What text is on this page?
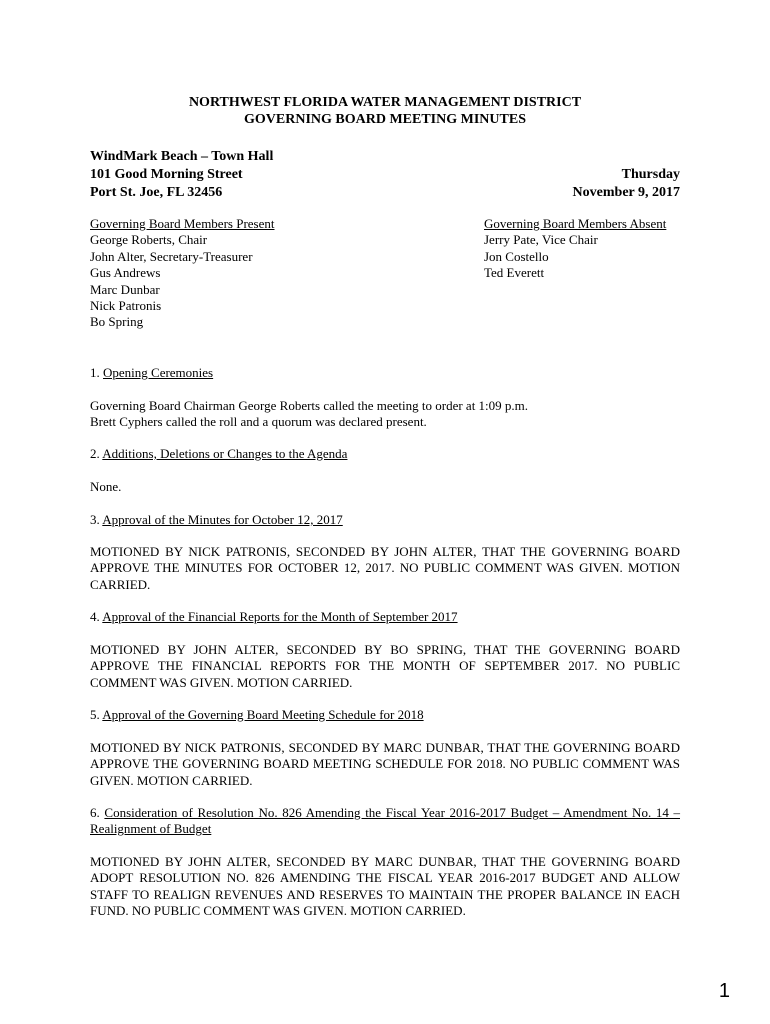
NORTHWEST FLORIDA WATER MANAGEMENT DISTRICT
GOVERNING BOARD MEETING MINUTES
WindMark Beach – Town Hall
101 Good Morning Street
Port St. Joe, FL 32456
Thursday
November 9, 2017
Governing Board Members Present
George Roberts, Chair
John Alter, Secretary-Treasurer
Gus Andrews
Marc Dunbar
Nick Patronis
Bo Spring
Governing Board Members Absent
Jerry Pate, Vice Chair
Jon Costello
Ted Everett
1. Opening Ceremonies
Governing Board Chairman George Roberts called the meeting to order at 1:09 p.m.
Brett Cyphers called the roll and a quorum was declared present.
2. Additions, Deletions or Changes to the Agenda
None.
3. Approval of the Minutes for October 12, 2017
MOTIONED BY NICK PATRONIS, SECONDED BY JOHN ALTER, THAT THE GOVERNING BOARD APPROVE THE MINUTES FOR OCTOBER 12, 2017. NO PUBLIC COMMENT WAS GIVEN. MOTION CARRIED.
4. Approval of the Financial Reports for the Month of September 2017
MOTIONED BY JOHN ALTER, SECONDED BY BO SPRING, THAT THE GOVERNING BOARD APPROVE THE FINANCIAL REPORTS FOR THE MONTH OF SEPTEMBER 2017. NO PUBLIC COMMENT WAS GIVEN. MOTION CARRIED.
5. Approval of the Governing Board Meeting Schedule for 2018
MOTIONED BY NICK PATRONIS, SECONDED BY MARC DUNBAR, THAT THE GOVERNING BOARD APPROVE THE GOVERNING BOARD MEETING SCHEDULE FOR 2018. NO PUBLIC COMMENT WAS GIVEN. MOTION CARRIED.
6. Consideration of Resolution No. 826 Amending the Fiscal Year 2016-2017 Budget – Amendment No. 14 – Realignment of Budget
MOTIONED BY JOHN ALTER, SECONDED BY MARC DUNBAR, THAT THE GOVERNING BOARD ADOPT RESOLUTION NO. 826 AMENDING THE FISCAL YEAR 2016-2017 BUDGET AND ALLOW STAFF TO REALIGN REVENUES AND RESERVES TO MAINTAIN THE PROPER BALANCE IN EACH FUND. NO PUBLIC COMMENT WAS GIVEN. MOTION CARRIED.
1
